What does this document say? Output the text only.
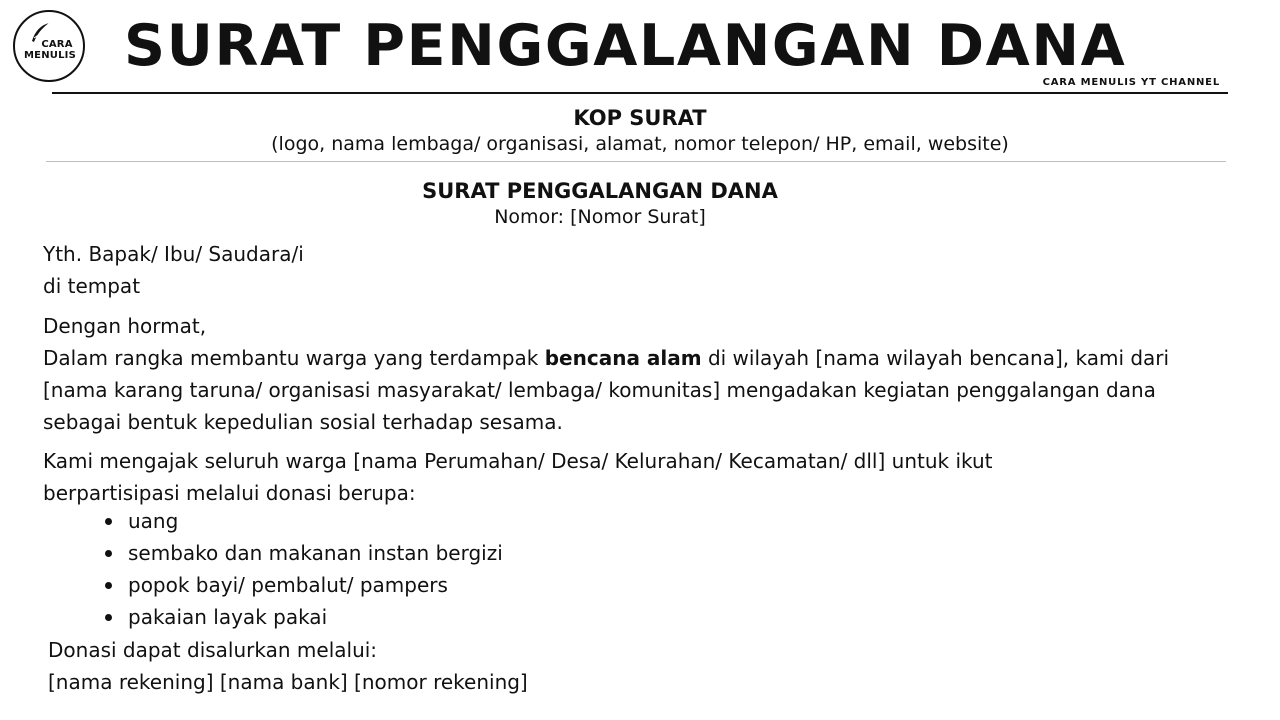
CARA
MENULIS SURAT PENGGALANGAN DANA
CARA MENULIS YT CHANNEL
KOP SURAT
(logo, nama lembaga/ organisasi, alamat, nomor telepon/ HP, email, website)
SURAT PENGGALANGAN DANA
Nomor: [Nomor Surat]

Yth. Bapak/ Ibu/ Saudara/i

di tempat

Dengan hormat,

Dalam rangka membantu warga yang terdampak bencana alam di wilayah [nama wilayah bencana], kami dari [nama karang taruna/ organisasi masyarakat/ lembaga/ komunitas] mengadakan kegiatan penggalangan dana sebagai bentuk kepedulian sosial terhadap sesama.

Kami mengajak seluruh warga [nama Perumahan/ Desa/ Kelurahan/ Kecamatan/ dll] untuk ikut

berpartisipasi melalui donasi berupa:

uang
sembako dan makanan instan bergizi
popok bayi/ pembalut/ pampers
pakaian layak pakai

Donasi dapat disalurkan melalui:

[nama rekening] [nama bank] [nomor rekening]
